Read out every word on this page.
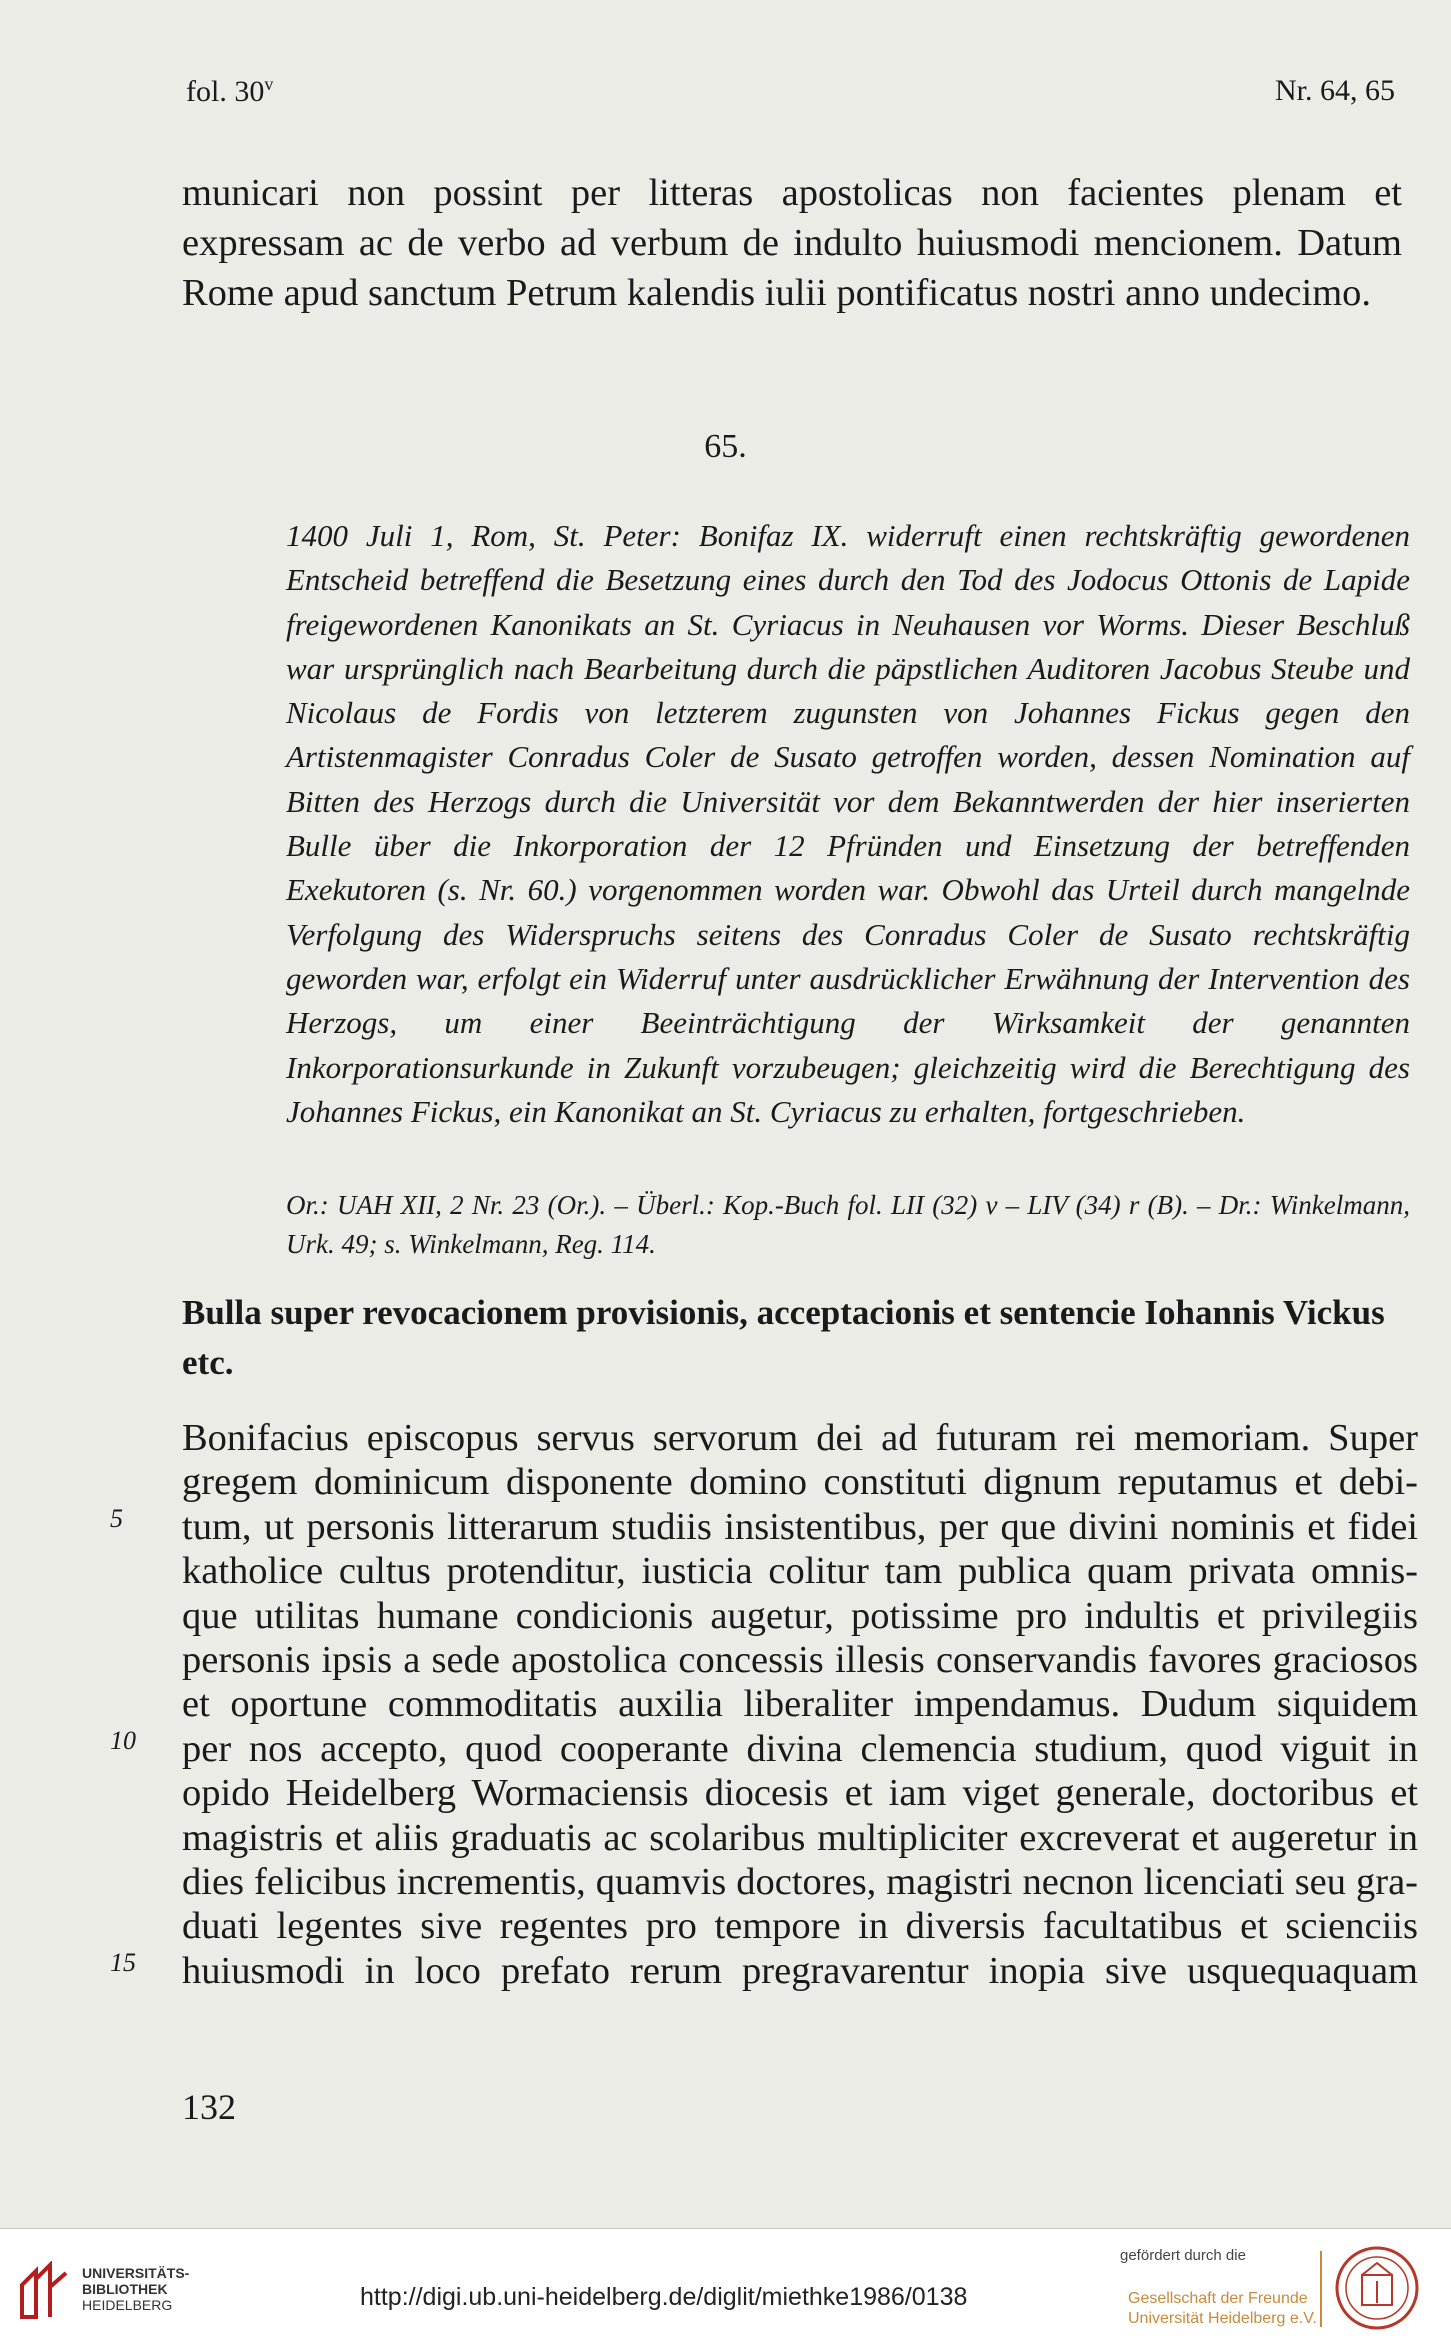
fol. 30$^v$	Nr. 64, 65

municari non possint per litteras apostolicas non facientes plenam et expressam ac de verbo ad verbum de indulto huiusmodi mencionem. Datum Rome apud sanctum Petrum kalendis iulii pontificatus nostri anno undecimo.

65.

1400 Juli 1, Rom, St. Peter: Bonifaz IX. widerruft einen rechtskräftig gewordenen Entscheid betreffend die Besetzung eines durch den Tod des Jodocus Ottonis de Lapide freigewordenen Kanonikats an St. Cyriacus in Neuhausen vor Worms. Dieser Beschluß war ursprünglich nach Bearbeitung durch die päpstlichen Auditoren Jacobus Steube und Nicolaus de Fordis von letzterem zugunsten von Johannes Fickus gegen den Artistenmagister Conradus Coler de Susato getroffen worden, dessen Nomination auf Bitten des Herzogs durch die Universität vor dem Bekanntwerden der hier inserierten Bulle über die Inkorporation der 12 Pfründen und Einsetzung der betreffenden Exekutoren (s. Nr. 60.) vorgenommen worden war. Obwohl das Urteil durch mangelnde Verfolgung des Widerspruchs seitens des Conradus Coler de Susato rechtskräftig geworden war, erfolgt ein Widerruf unter ausdrücklicher Erwähnung der Intervention des Herzogs, um einer Beeinträchtigung der Wirksamkeit der genannten Inkorporationsurkunde in Zukunft vorzubeugen; gleichzeitig wird die Berechtigung des Johannes Fickus, ein Kanonikat an St. Cyriacus zu erhalten, fortgeschrieben.

Or.: UAH XII, 2 Nr. 23 (Or.). – Überl.: Kop.-Buch fol. LII (32) v – LIV (34) r (B). – Dr.: Winkelmann, Urk. 49; s. Winkelmann, Reg. 114.

Bulla super revocacionem provisionis, acceptacionis et sentencie Iohannis Vickus etc.

Bonifacius episcopus servus servorum dei ad futuram rei memoriam. Super
gregem dominicum disponente domino constituti dignum reputamus et debi-
tum, ut personis litterarum studiis insistentibus, per que divini nominis et fidei
katholice cultus protenditur, iusticia colitur tam publica quam privata omnis-
que utilitas humane condicionis augetur, potissime pro indultis et privilegiis
personis ipsis a sede apostolica concessis illesis conservandis favores graciosos
et oportune commoditatis auxilia liberaliter impendamus. Dudum siquidem
per nos accepto, quod cooperante divina clemencia studium, quod viguit in
opido Heidelberg Wormaciensis diocesis et iam viget generale, doctoribus et
magistris et aliis graduatis ac scolaribus multipliciter excreverat et augeretur in
dies felicibus incrementis, quamvis doctores, magistri necnon licenciati seu gra-
duati legentes sive regentes pro tempore in diversis facultatibus et scienciis
huiusmodi in loco prefato rerum pregravarentur inopia sive usquequaquam
5
10
15
132
UNIVERSITÄTS-
BIBLIOTHEK
HEIDELBERG	http://digi.ub.uni-heidelberg.de/diglit/miethke1986/0138
gefördert durch die
Gesellschaft der Freunde
Universität Heidelberg e.V.
